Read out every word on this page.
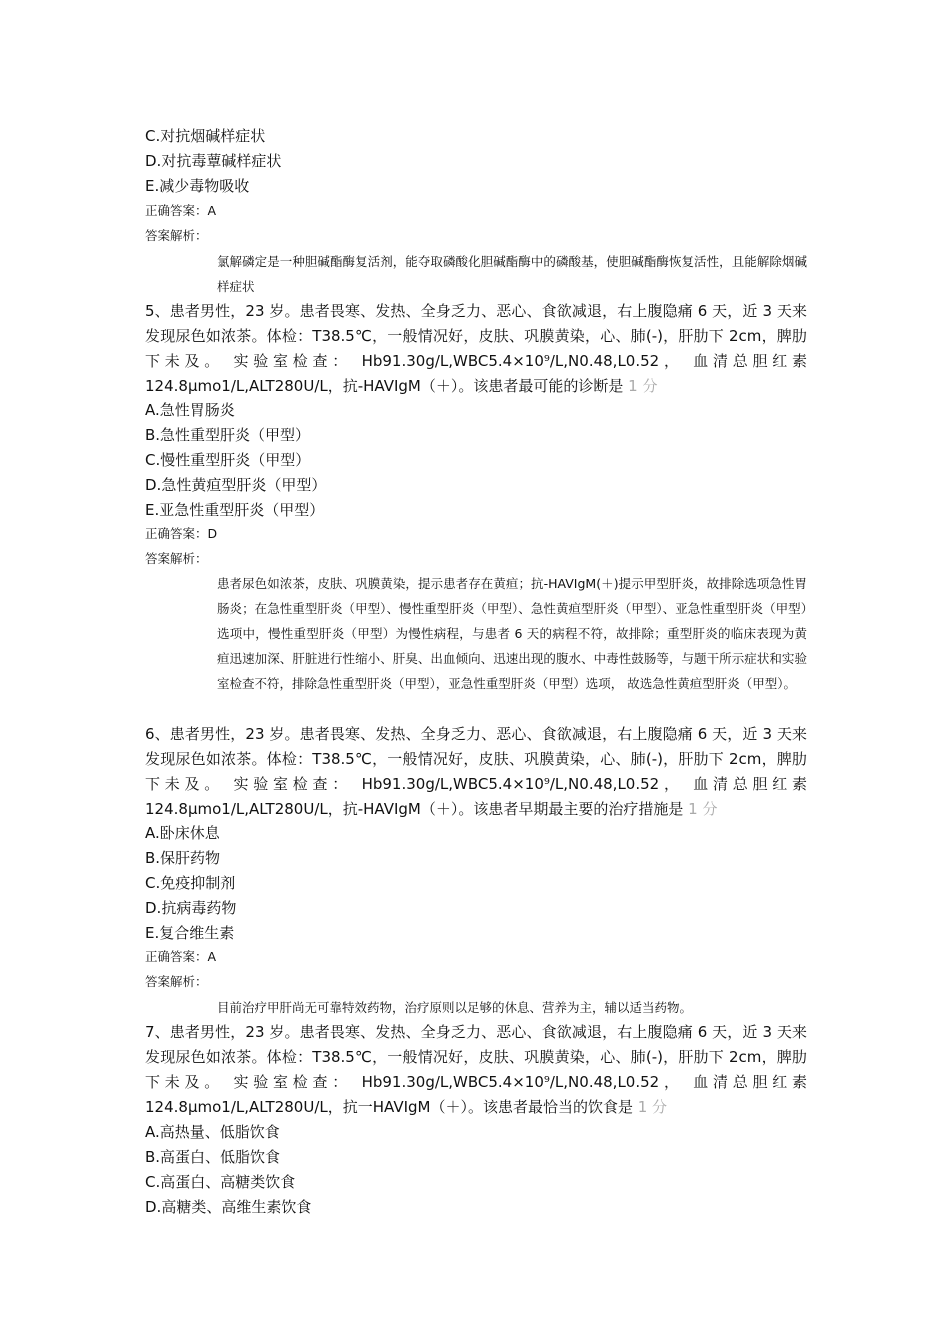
C.对抗烟碱样症状
D.对抗毒蕈碱样症状
E.减少毒物吸收
正确答案：A
答案解析：
氯解磷定是一种胆碱酯酶复活剂，能夺取磷酸化胆碱酯酶中的磷酸基，使胆碱酯酶恢复活性，且能解除烟碱样症状
5、患者男性，23 岁。患者畏寒、发热、全身乏力、恶心、食欲减退，右上腹隐痛 6 天，近 3 天来发现尿色如浓茶。体检：T38.5℃，一般情况好，皮肤、巩膜黄染，心、肺(-)，肝肋下 2cm，脾肋下未及。 实验室检查： Hb91.30g/L,WBC5.4×10⁹/L,N0.48,L0.52， 血清总胆红素124.8μmo1/L,ALT280U/L，抗-HAVIgM（＋）。该患者最可能的诊断是 1 分
A.急性胃肠炎
B.急性重型肝炎（甲型）
C.慢性重型肝炎（甲型）
D.急性黄疸型肝炎（甲型）
E.亚急性重型肝炎（甲型）
正确答案：D
答案解析：
患者尿色如浓茶，皮肤、巩膜黄染，提示患者存在黄疸；抗-HAVIgM(＋)提示甲型肝炎，故排除选项急性胃肠炎；在急性重型肝炎（甲型）、慢性重型肝炎（甲型）、急性黄疸型肝炎（甲型）、亚急性重型肝炎（甲型）选项中，慢性重型肝炎（甲型）为慢性病程，与患者 6 天的病程不符，故排除；重型肝炎的临床表现为黄疸迅速加深、肝脏进行性缩小、肝臭、出血倾向、迅速出现的腹水、中毒性鼓肠等，与题干所示症状和实验室检查不符，排除急性重型肝炎（甲型），亚急性重型肝炎（甲型）选项， 故选急性黄疸型肝炎（甲型）。
6、患者男性，23 岁。患者畏寒、发热、全身乏力、恶心、食欲减退，右上腹隐痛 6 天，近 3 天来发现尿色如浓茶。体检：T38.5℃，一般情况好，皮肤、巩膜黄染，心、肺(-)，肝肋下 2cm，脾肋下未及。 实验室检查： Hb91.30g/L,WBC5.4×10⁹/L,N0.48,L0.52， 血清总胆红素124.8μmo1/L,ALT280U/L，抗-HAVIgM（＋）。该患者早期最主要的治疗措施是 1 分
A.卧床休息
B.保肝药物
C.免疫抑制剂
D.抗病毒药物
E.复合维生素
正确答案：A
答案解析：
目前治疗甲肝尚无可靠特效药物，治疗原则以足够的休息、营养为主，辅以适当药物。
7、患者男性，23 岁。患者畏寒、发热、全身乏力、恶心、食欲减退，右上腹隐痛 6 天，近 3 天来发现尿色如浓茶。体检：T38.5℃，一般情况好，皮肤、巩膜黄染，心、肺(-)，肝肋下 2cm，脾肋下未及。 实验室检查： Hb91.30g/L,WBC5.4×10⁹/L,N0.48,L0.52， 血清总胆红素124.8μmo1/L,ALT280U/L，抗一HAVIgM（＋）。该患者最恰当的饮食是 1 分
A.高热量、低脂饮食
B.高蛋白、低脂饮食
C.高蛋白、高糖类饮食
D.高糖类、高维生素饮食
